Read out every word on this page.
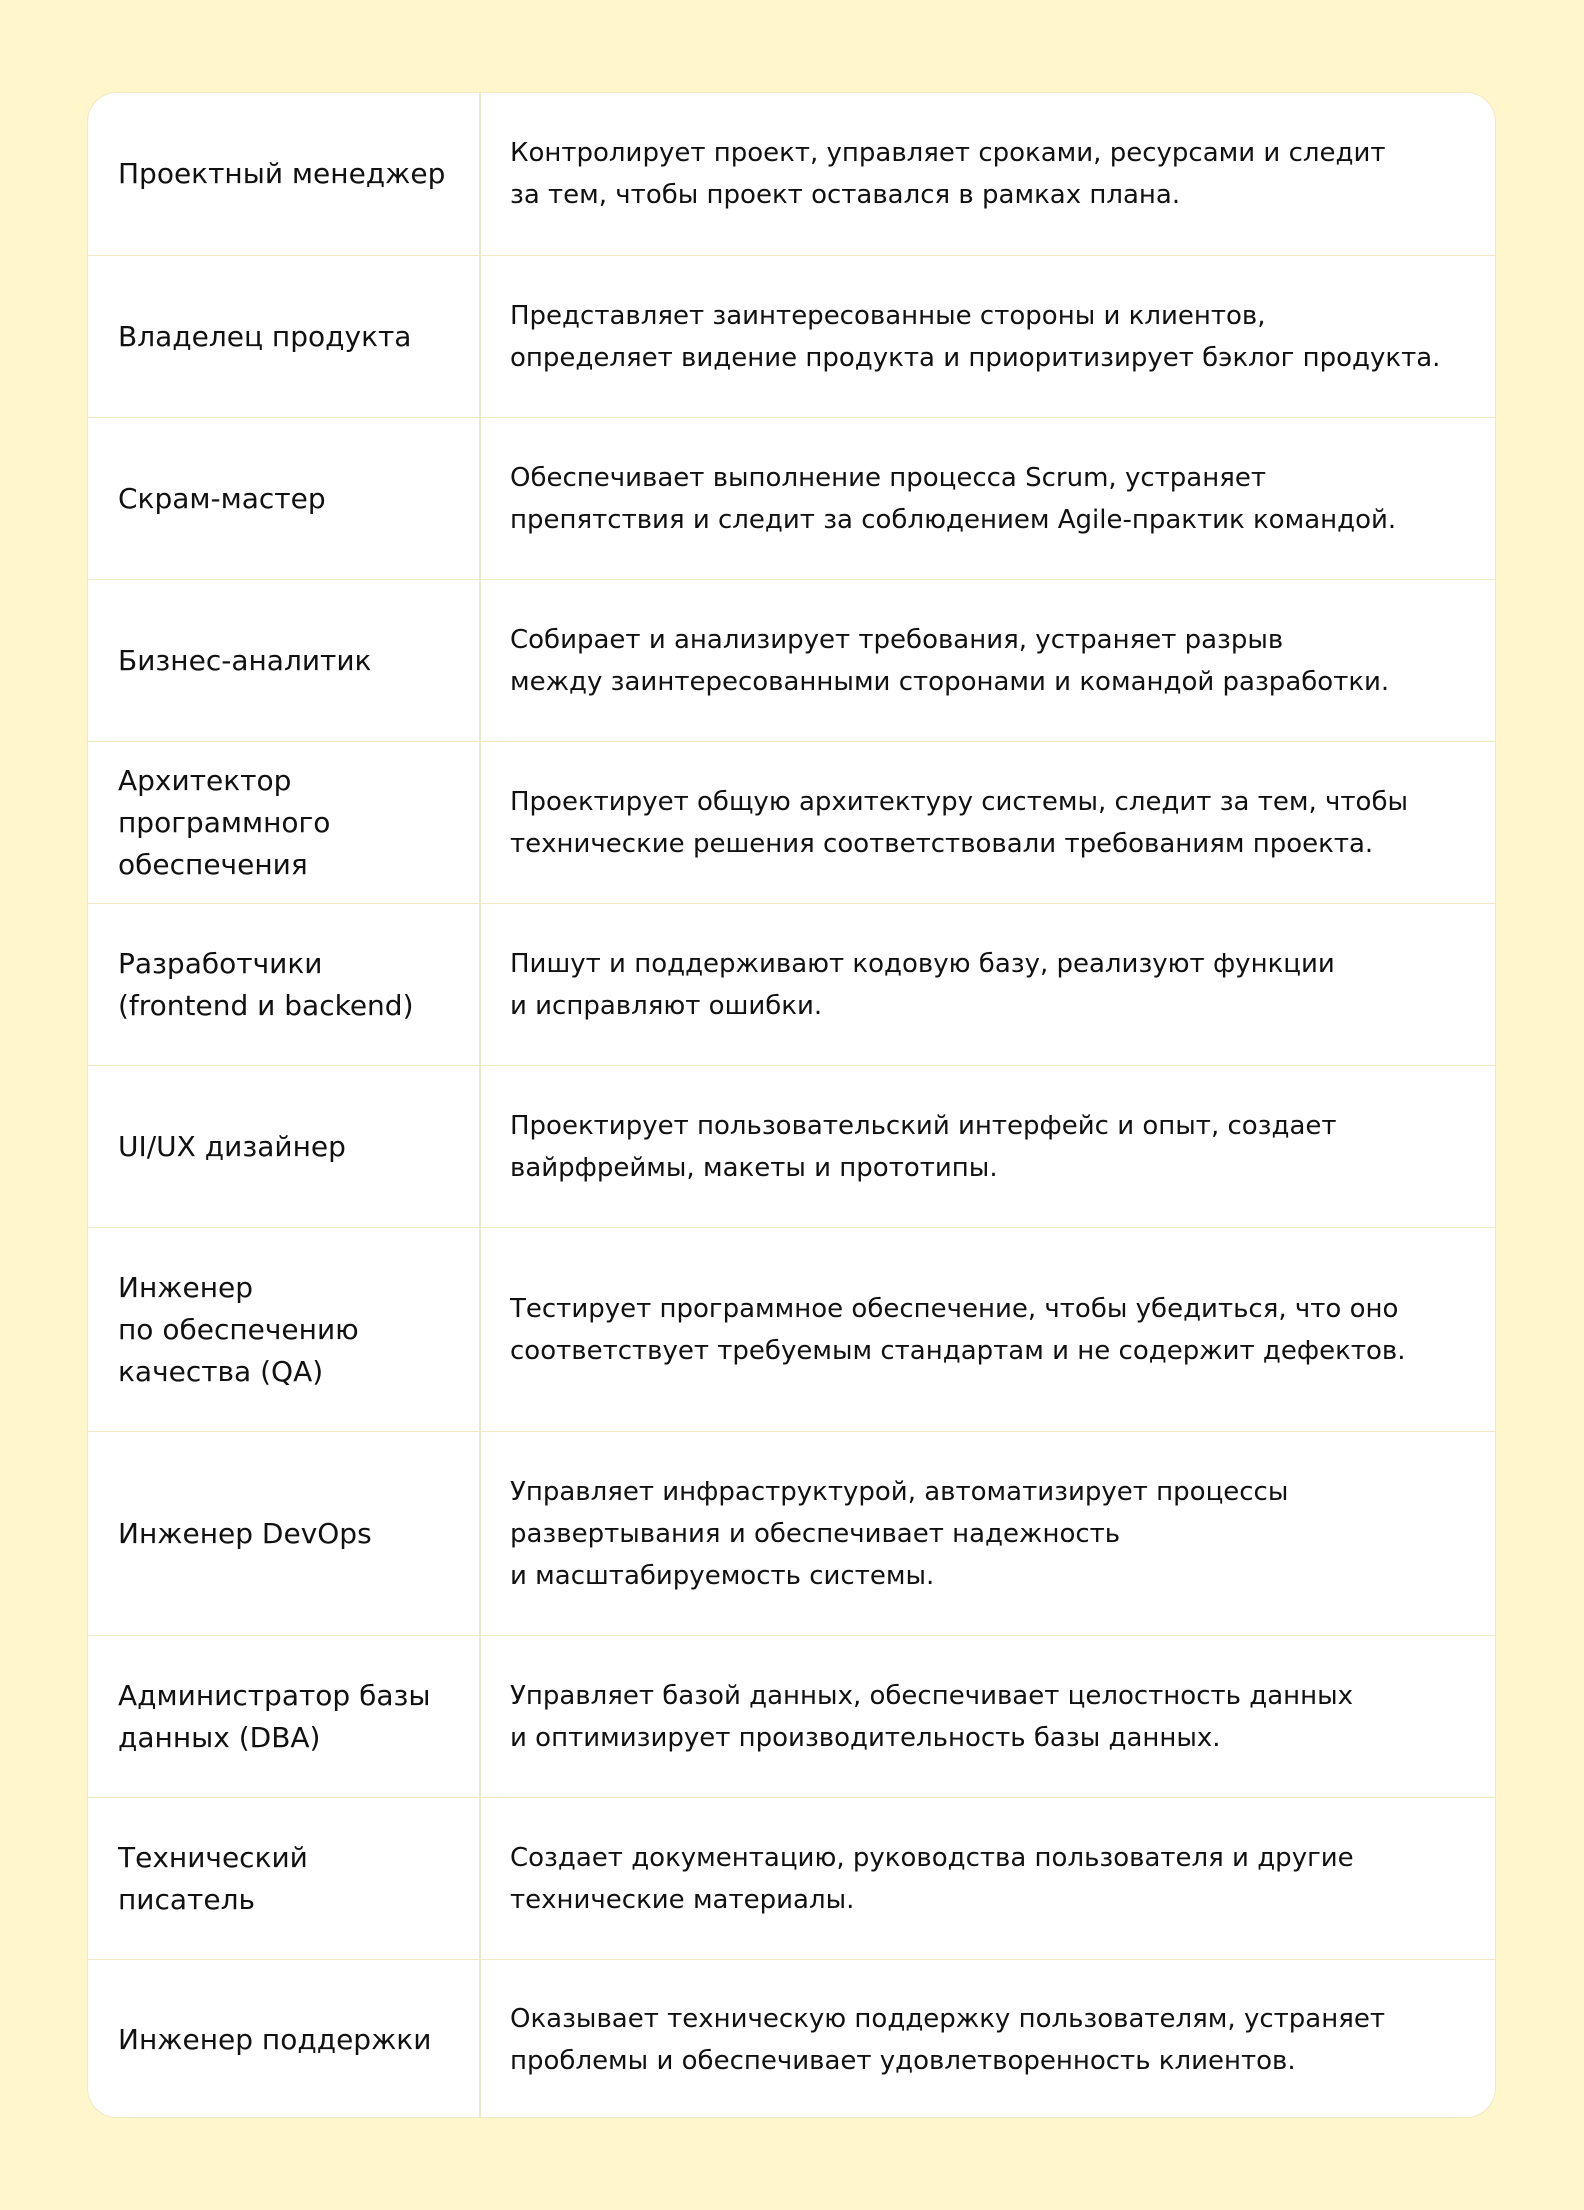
Проектный менеджер
Контролирует проект, управляет сроками, ресурсами и следит
за тем, чтобы проект оставался в рамках плана.
Владелец продукта
Представляет заинтересованные стороны и клиентов,
определяет видение продукта и приоритизирует бэклог продукта.
Скрам-мастер
Обеспечивает выполнение процесса Scrum, устраняет
препятствия и следит за соблюдением Agile-практик командой.
Бизнес-аналитик
Собирает и анализирует требования, устраняет разрыв
между заинтересованными сторонами и командой разработки.
Архитектор
программного
обеспечения
Проектирует общую архитектуру системы, следит за тем, чтобы
технические решения соответствовали требованиям проекта.
Разработчики
(frontend и backend)
Пишут и поддерживают кодовую базу, реализуют функции
и исправляют ошибки.
UI/UX дизайнер
Проектирует пользовательский интерфейс и опыт, создает
вайрфреймы, макеты и прототипы.
Инженер
по обеспечению
качества (QA)
Тестирует программное обеспечение, чтобы убедиться, что оно
соответствует требуемым стандартам и не содержит дефектов.
Инженер DevOps
Управляет инфраструктурой, автоматизирует процессы
развертывания и обеспечивает надежность
и масштабируемость системы.
Администратор базы
данных (DBA)
Управляет базой данных, обеспечивает целостность данных
и оптимизирует производительность базы данных.
Технический писатель
Создает документацию, руководства пользователя и другие
технические материалы.
Инженер поддержки
Оказывает техническую поддержку пользователям, устраняет
проблемы и обеспечивает удовлетворенность клиентов.
